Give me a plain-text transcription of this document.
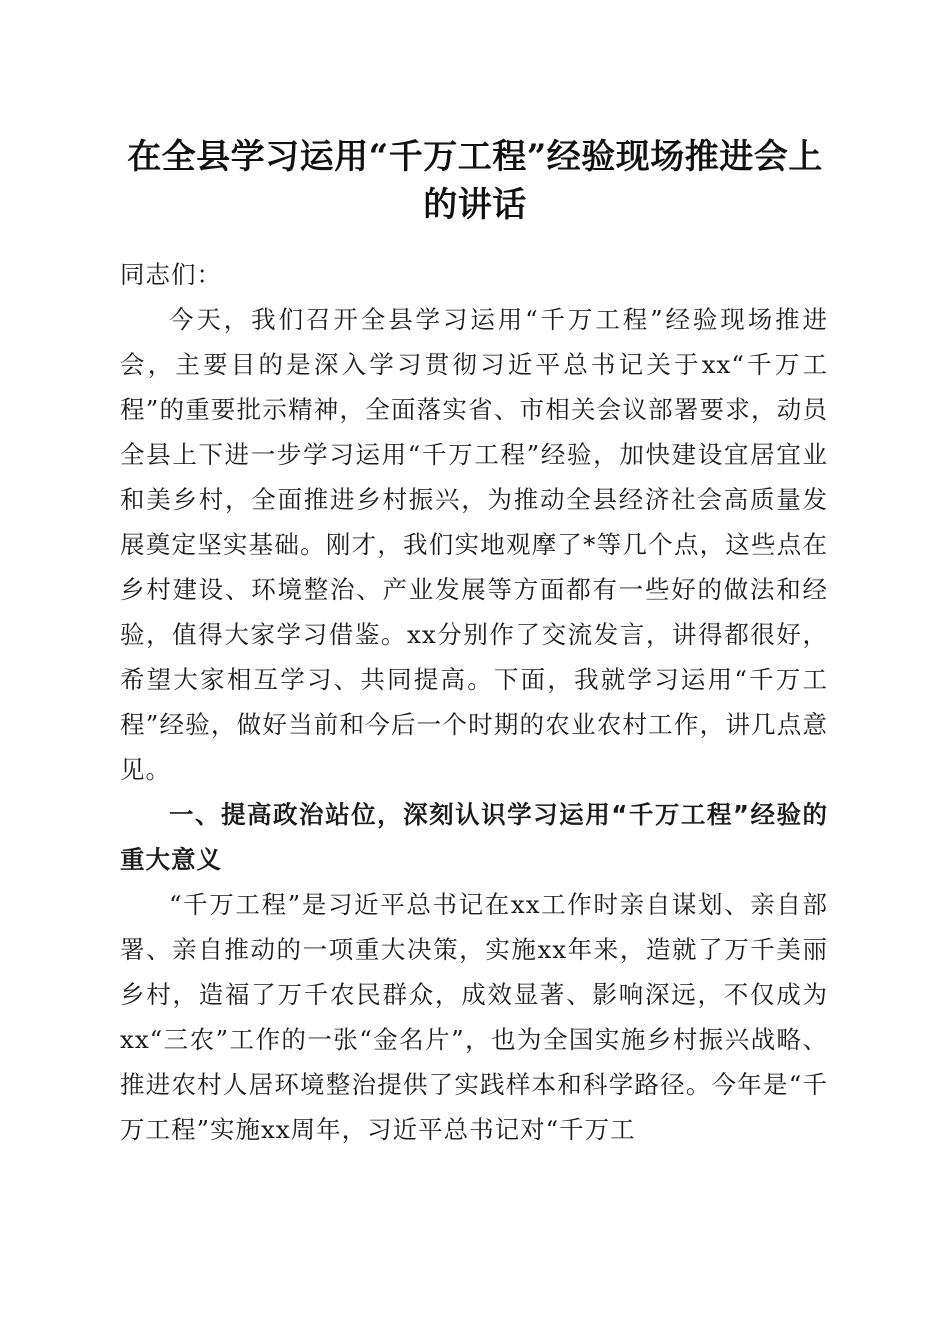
在全县学习运用“千万工程”经验现场推进会上的讲话

同志们：

今天，我们召开全县学习运用“千万工程”经验现场推进会，主要目的是深入学习贯彻习近平总书记关于xx“千万工程”的重要批示精神，全面落实省、市相关会议部署要求，动员全县上下进一步学习运用“千万工程”经验，加快建设宜居宜业和美乡村，全面推进乡村振兴，为推动全县经济社会高质量发展奠定坚实基础。刚才，我们实地观摩了*等几个点，这些点在乡村建设、环境整治、产业发展等方面都有一些好的做法和经验，值得大家学习借鉴。xx分别作了交流发言，讲得都很好，希望大家相互学习、共同提高。下面，我就学习运用“千万工程”经验，做好当前和今后一个时期的农业农村工作，讲几点意见。

一、提高政治站位，深刻认识学习运用“千万工程”经验的重大意义

“千万工程”是习近平总书记在xx工作时亲自谋划、亲自部署、亲自推动的一项重大决策，实施xx年来，造就了万千美丽乡村，造福了万千农民群众，成效显著、影响深远，不仅成为xx“三农”工作的一张“金名片”，也为全国实施乡村振兴战略、推进农村人居环境整治提供了实践样本和科学路径。今年是“千万工程”实施xx周年，习近平总书记对“千万工
